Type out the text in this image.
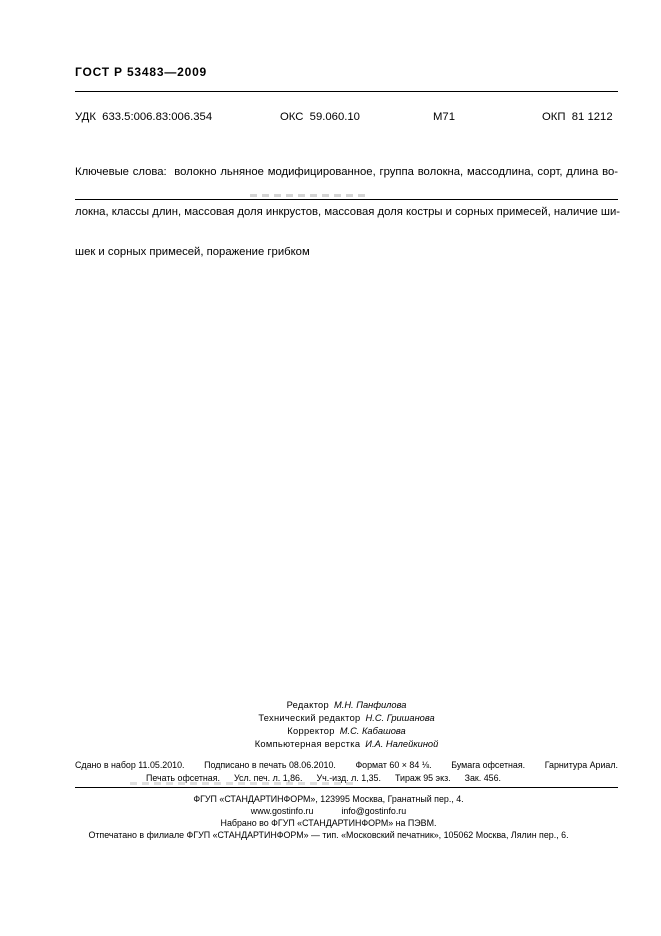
ГОСТ Р 53483—2009
УДК  633.5:006.83:006.354	ОКС  59.060.10	М71	ОКП  81 1212

Ключевые слова:  волокно льняное модифицированное, группа волокна, массодлина, сорт, длина во-

локна, классы длин, массовая доля инкрустов, массовая доля костры и сорных примесей, наличие ши-

шек и сорных примесей, поражение грибком

Редактор М.Н. Панфилова
Технический редактор Н.С. Гришанова
Корректор М.С. Кабашова
Компьютерная верстка И.А. Налейкиной
Сдано в набор 11.05.2010. Подписано в печать 08.06.2010. Формат 60 × 84 ⅛. Бумага офсетная. Гарнитура Ариал.
Печать офсетная. Усл. печ. л. 1,86. Уч.-изд. л. 1,35. Тираж 95 экз. Зак. 456.
ФГУП «СТАНДАРТИНФОРМ», 123995 Москва, Гранатный пер., 4.
www.gostinfo.ru	info@gostinfo.ru
Набрано во ФГУП «СТАНДАРТИНФОРМ» на ПЭВМ.
Отпечатано в филиале ФГУП «СТАНДАРТИНФОРМ» — тип. «Московский печатник», 105062 Москва, Лялин пер., 6.
